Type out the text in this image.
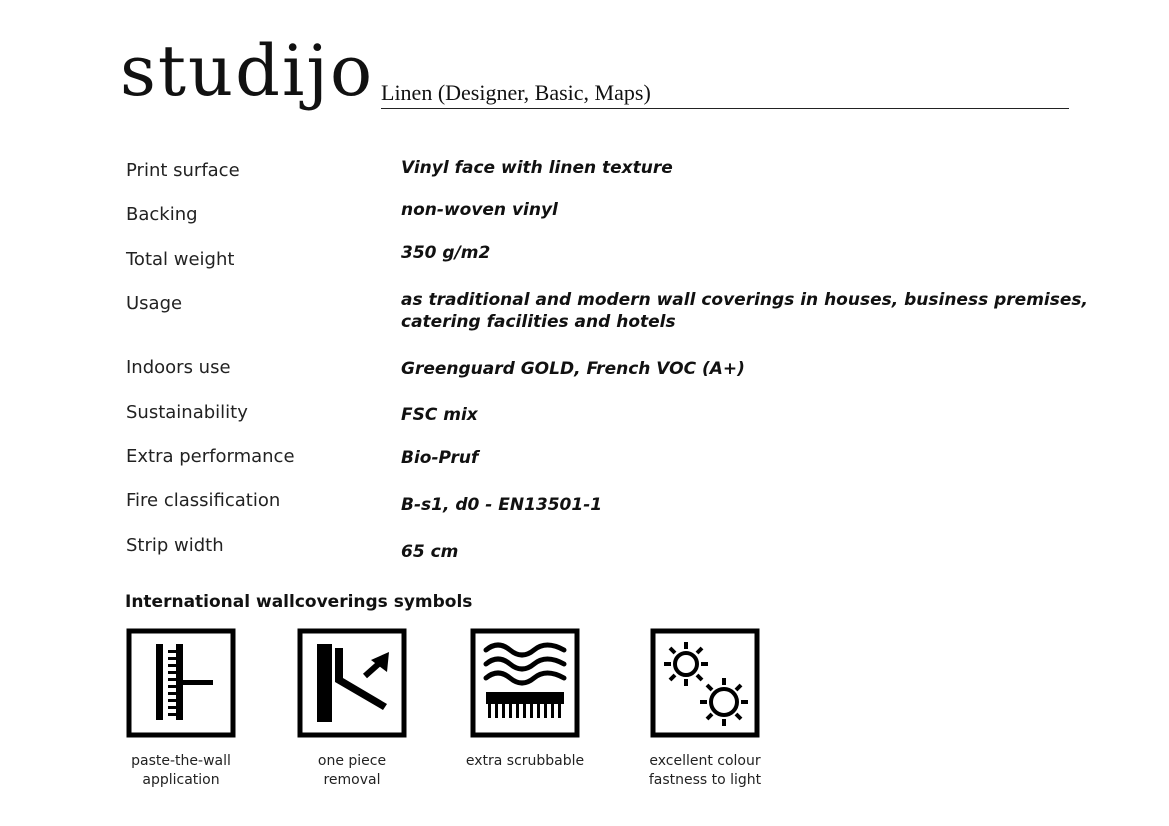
studijo Linen (Designer, Basic, Maps)
Print surface	Vinyl face with linen texture
Backing	non-woven vinyl
Total weight	350 g/m2
Usage	as traditional and modern wall coverings in houses, business premises, catering facilities and hotels
Indoors use	Greenguard GOLD, French VOC (A+)
Sustainability	FSC mix
Extra performance	Bio-Pruf
Fire classification	B-s1, d0 - EN13501-1
Strip width	65 cm
International wallcoverings symbols
paste-the-wall
application
one piece
removal
extra scrubbable	excellent colour
fastness to light
